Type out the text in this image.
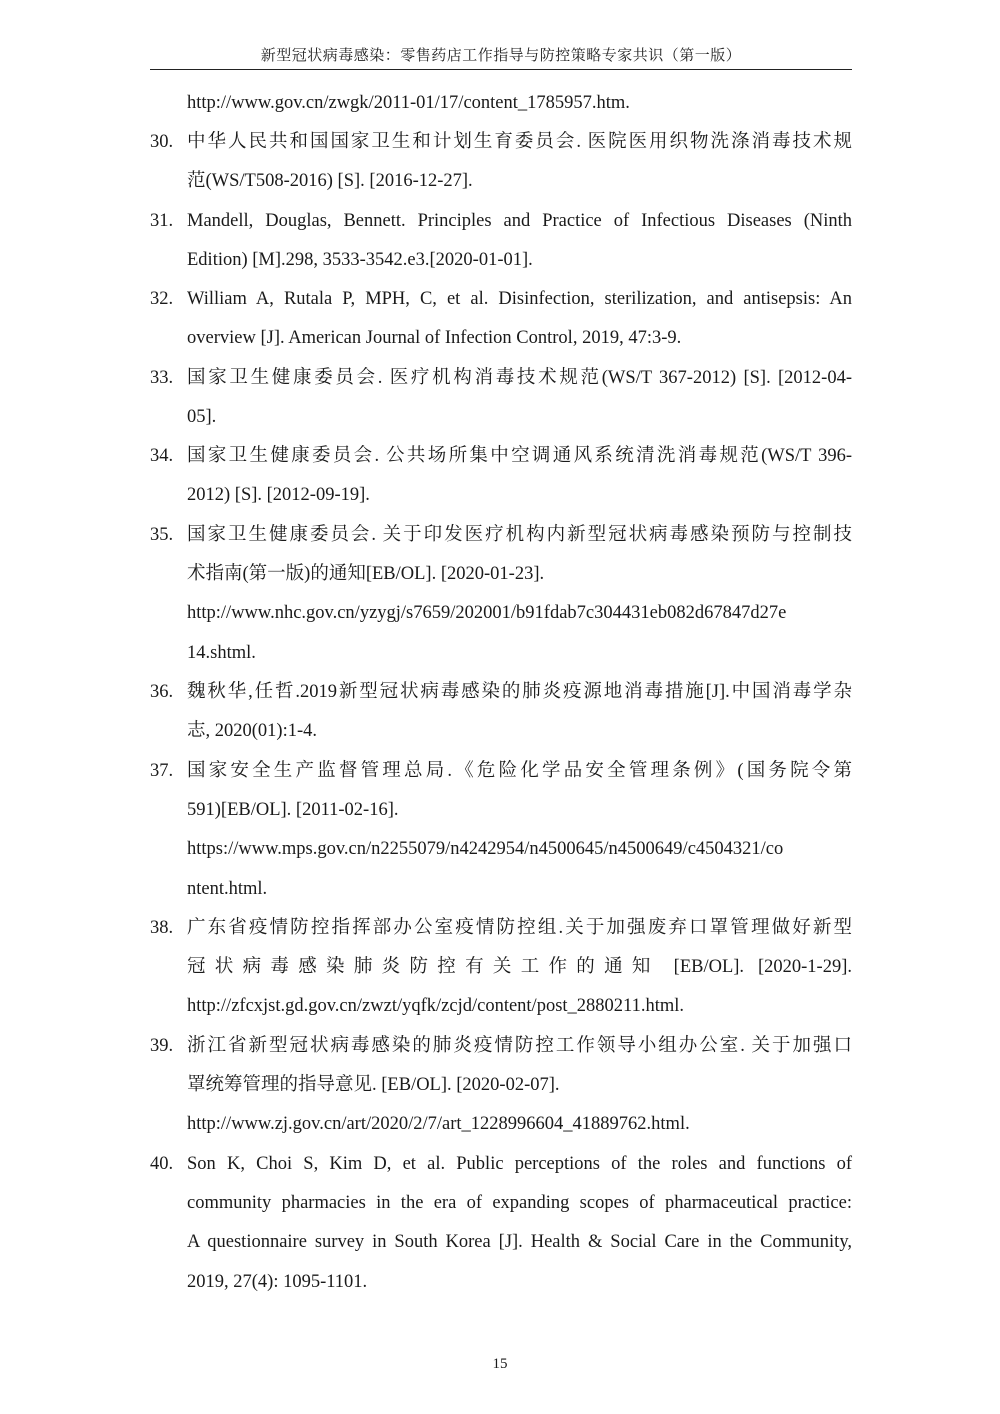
新型冠状病毒感染：零售药店工作指导与防控策略专家共识（第一版）
http://www.gov.cn/zwgk/2011-01/17/content_1785957.htm.
30. 中华人民共和国国家卫生和计划生育委员会. 医院医用织物洗涤消毒技术规
范(WS/T508-2016) [S]. [2016-12-27].
31. Mandell, Douglas, Bennett. Principles and Practice of Infectious Diseases (Ninth
Edition) [M].298, 3533-3542.e3.[2020-01-01].
32. William A, Rutala P, MPH, C, et al. Disinfection, sterilization, and antisepsis: An
overview [J]. American Journal of Infection Control, 2019, 47:3-9.
33. 国家卫生健康委员会. 医疗机构消毒技术规范(WS/T 367-2012) [S]. [2012-04-
05].
34. 国家卫生健康委员会. 公共场所集中空调通风系统清洗消毒规范(WS/T 396-
2012) [S]. [2012-09-19].
35. 国家卫生健康委员会. 关于印发医疗机构内新型冠状病毒感染预防与控制技
术指南(第一版)的通知[EB/OL]. [2020-01-23].
http://www.nhc.gov.cn/yzygj/s7659/202001/b91fdab7c304431eb082d67847d27e
14.shtml.
36. 魏秋华,任哲.2019新型冠状病毒感染的肺炎疫源地消毒措施[J].中国消毒学杂
志, 2020(01):1-4.
37. 国家安全生产监督管理总局.《危险化学品安全管理条例》(国务院令第
591)[EB/OL]. [2011-02-16].
https://www.mps.gov.cn/n2255079/n4242954/n4500645/n4500649/c4504321/co
ntent.html.
38. 广东省疫情防控指挥部办公室疫情防控组.关于加强废弃口罩管理做好新型
冠状病毒感染肺炎防控有关工作的通知 [EB/OL]. [2020-1-29].
http://zfcxjst.gd.gov.cn/zwzt/yqfk/zcjd/content/post_2880211.html.
39. 浙江省新型冠状病毒感染的肺炎疫情防控工作领导小组办公室. 关于加强口
罩统筹管理的指导意见. [EB/OL]. [2020-02-07].
http://www.zj.gov.cn/art/2020/2/7/art_1228996604_41889762.html.
40. Son K, Choi S, Kim D, et al. Public perceptions of the roles and functions of
community pharmacies in the era of expanding scopes of pharmaceutical practice:
A questionnaire survey in South Korea [J]. Health & Social Care in the Community,
2019, 27(4): 1095-1101.
15
